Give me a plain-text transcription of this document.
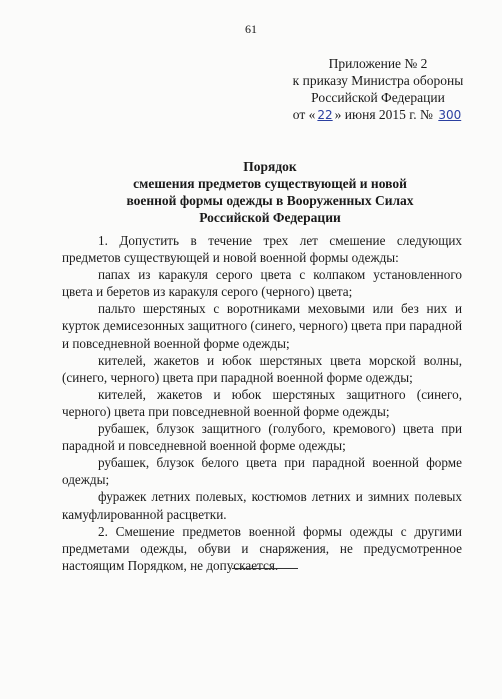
61
Приложение № 2
к приказу Министра обороны
Российской Федерации
от « 22 » июня 2015 г. № 300
Порядок
смешения предметов существующей и новой
военной формы одежды в Вооруженных Силах
Российской Федерации

1. Допустить в течение трех лет смешение следующих предметов существующей и новой военной формы одежды:

папах из каракуля серого цвета с колпаком установленного цвета и беретов из каракуля серого (черного) цвета;

пальто шерстяных с воротниками меховыми или без них и курток демисезонных защитного (синего, черного) цвета при парадной и повседневной военной форме одежды;

кителей, жакетов и юбок шерстяных цвета морской волны, (синего, черного) цвета при парадной военной форме одежды;

кителей, жакетов и юбок шерстяных защитного (синего, черного) цвета при повседневной военной форме одежды;

рубашек, блузок защитного (голубого, кремового) цвета при парадной и повседневной военной форме одежды;

рубашек, блузок белого цвета при парадной военной форме одежды;

фуражек летних полевых, костюмов летних и зимних полевых камуфлированной расцветки.

2. Смешение предметов военной формы одежды с другими предметами одежды, обуви и снаряжения, не предусмотренное настоящим Порядком, не допускается.
